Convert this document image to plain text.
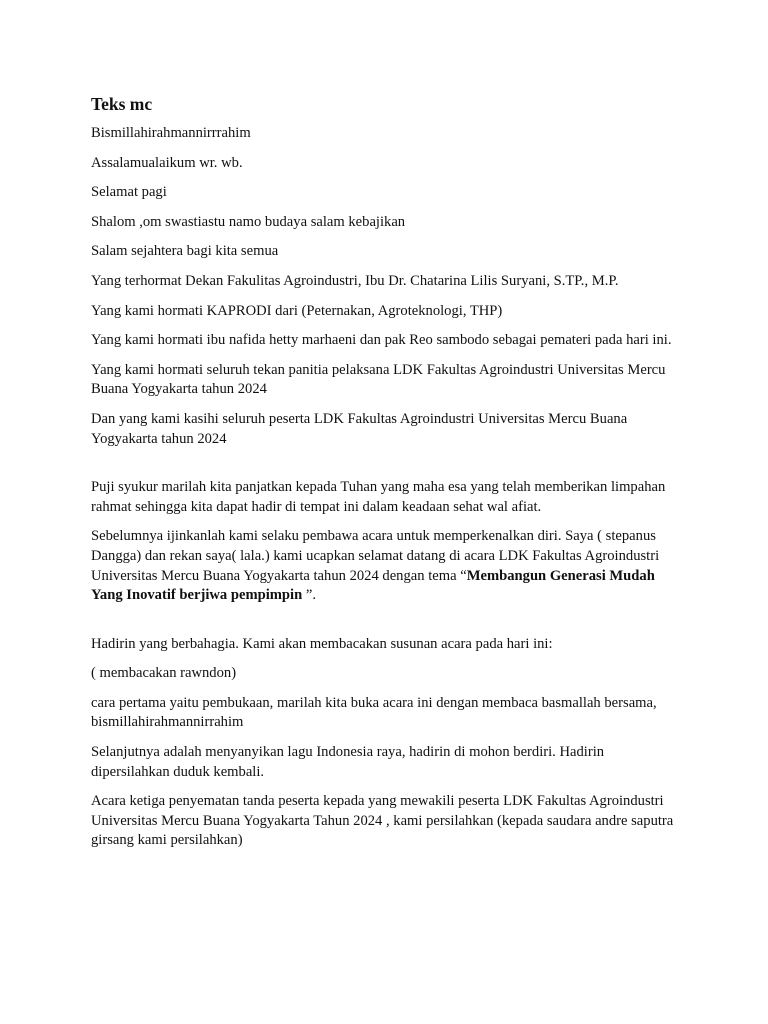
Teks mc

Bismillahirahmannirrrahim

Assalamualaikum wr. wb.

Selamat pagi

Shalom ,om swastiastu namo budaya salam kebajikan

Salam sejahtera bagi kita semua

Yang terhormat Dekan Fakulitas Agroindustri, Ibu Dr. Chatarina Lilis Suryani, S.TP., M.P.

Yang kami hormati KAPRODI dari (Peternakan, Agroteknologi, THP)

Yang kami hormati ibu nafida hetty marhaeni dan pak Reo sambodo sebagai pemateri pada hari ini.

Yang kami hormati seluruh tekan panitia pelaksana LDK Fakultas Agroindustri Universitas Mercu Buana Yogyakarta tahun 2024

Dan yang kami kasihi seluruh peserta LDK Fakultas Agroindustri Universitas Mercu Buana Yogyakarta tahun 2024

Puji syukur marilah kita panjatkan kepada Tuhan yang maha esa yang telah memberikan limpahan rahmat sehingga kita dapat hadir di tempat ini dalam keadaan sehat wal afiat.

Sebelumnya ijinkanlah kami selaku pembawa acara untuk memperkenalkan diri. Saya ( stepanus Dangga) dan rekan saya( lala.) kami ucapkan selamat datang di acara LDK Fakultas Agroindustri Universitas Mercu Buana Yogyakarta tahun 2024 dengan tema “Membangun Generasi Mudah Yang Inovatif berjiwa pempimpin ”.

Hadirin yang berbahagia. Kami akan membacakan susunan acara pada hari ini:

( membacakan rawndon)

cara pertama yaitu pembukaan, marilah kita buka acara ini dengan membaca basmallah bersama, bismillahirahmannirrahim

Selanjutnya adalah menyanyikan lagu Indonesia raya, hadirin di mohon berdiri. Hadirin dipersilahkan duduk kembali.

Acara ketiga penyematan tanda peserta kepada yang mewakili peserta LDK Fakultas Agroindustri Universitas Mercu Buana Yogyakarta Tahun 2024 , kami persilahkan (kepada saudara andre saputra girsang kami persilahkan)
